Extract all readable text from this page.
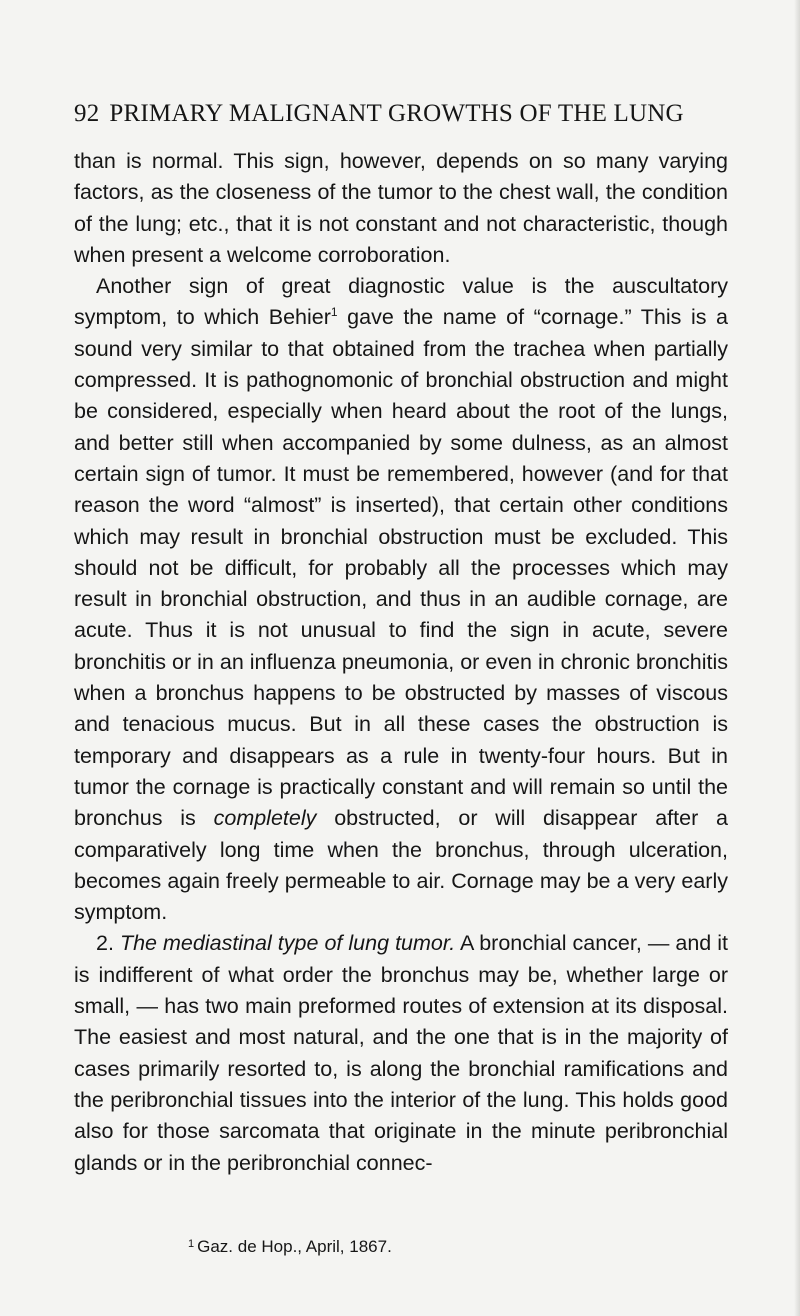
92 PRIMARY MALIGNANT GROWTHS OF THE LUNG

than is normal. This sign, however, depends on so many varying factors, as the closeness of the tumor to the chest wall, the condition of the lung; etc., that it is not constant and not characteristic, though when present a welcome corroboration.

Another sign of great diagnostic value is the auscultatory symptom, to which Behier$^1$ gave the name of “cornage.” This is a sound very similar to that obtained from the trachea when partially compressed. It is pathognomonic of bronchial obstruction and might be considered, especially when heard about the root of the lungs, and better still when accompanied by some dulness, as an almost certain sign of tumor. It must be remembered, however (and for that reason the word “almost” is inserted), that certain other conditions which may result in bronchial obstruction must be excluded. This should not be difficult, for probably all the processes which may result in bronchial obstruction, and thus in an audible cornage, are acute. Thus it is not unusual to find the sign in acute, severe bronchitis or in an influenza pneumonia, or even in chronic bronchitis when a bronchus happens to be obstructed by masses of viscous and tenacious mucus. But in all these cases the obstruction is temporary and disappears as a rule in twenty-four hours. But in tumor the cornage is practically constant and will remain so until the bronchus is completely obstructed, or will disappear after a comparatively long time when the bronchus, through ulceration, becomes again freely permeable to air. Cornage may be a very early symptom.

2. The mediastinal type of lung tumor. A bronchial cancer, — and it is indifferent of what order the bronchus may be, whether large or small, — has two main preformed routes of extension at its disposal. The easiest and most natural, and the one that is in the majority of cases primarily resorted to, is along the bronchial ramifications and the peribronchial tissues into the interior of the lung. This holds good also for those sarcomata that originate in the minute peribronchial glands or in the peribronchial connec-

$^1$ Gaz. de Hop., April, 1867.
